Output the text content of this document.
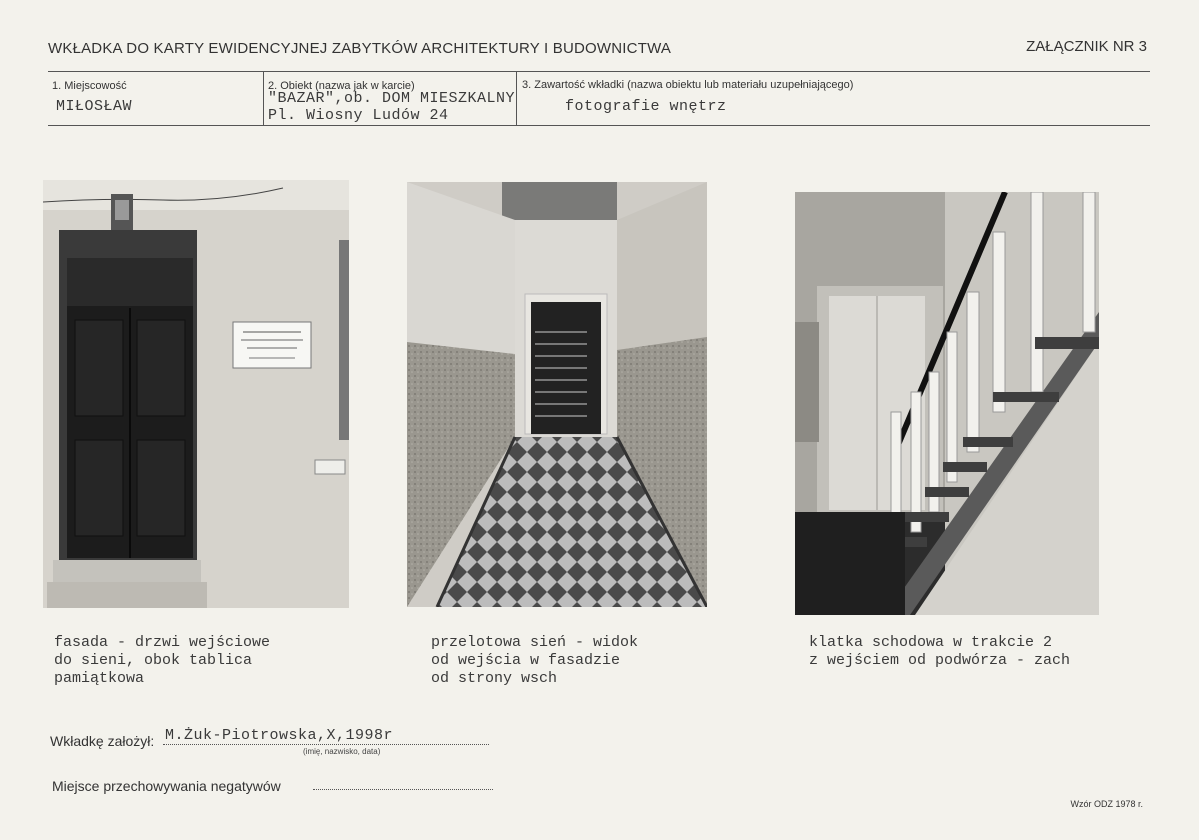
WKŁADKA DO KARTY EWIDENCYJNEJ ZABYTKÓW ARCHITEKTURY I BUDOWNICTWA	ZAŁĄCZNIK NR 3
1. Miejscowość
MIŁOSŁAW
2. Obiekt (nazwa jak w karcie)
"BAZAR",ob. DOM MIESZKALNY
Pl. Wiosny Ludów 24
3. Zawartość wkładki (nazwa obiektu lub materiału uzupełniającego)
fotografie wnętrz
fasada - drzwi wejściowe
do sieni, obok tablica
pamiątkowa
przelotowa sień - widok
od wejścia w fasadzie
od strony wsch
klatka schodowa w trakcie 2
z wejściem od podwórza - zach
Wkładkę założył: M.Żuk-Piotrowska,X,1998r
(imię, nazwisko, data)
Miejsce przechowywania negatywów
Wzór ODZ 1978 r.
